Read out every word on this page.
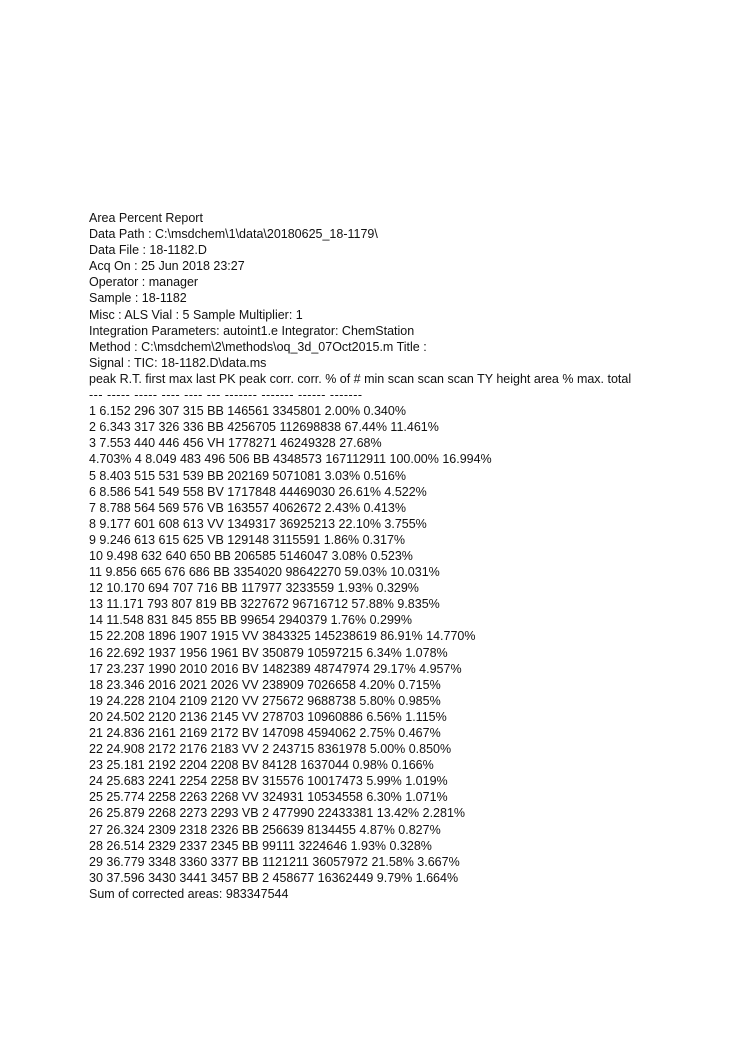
Area Percent Report
Data Path : C:\msdchem\1\data\20180625_18-1179\
Data File : 18-1182.D
Acq On : 25 Jun 2018 23:27
Operator : manager
Sample : 18-1182
Misc : ALS Vial : 5 Sample Multiplier: 1
Integration Parameters: autoint1.e Integrator: ChemStation
Method : C:\msdchem\2\methods\oq_3d_07Oct2015.m Title :
Signal : TIC: 18-1182.D\data.ms
peak R.T. first max last PK peak corr. corr. % of # min scan scan scan TY height area % max. total
--- ----- ----- ---- ---- --- ------- ------- ------ -------
1 6.152 296 307 315 BB 146561 3345801 2.00% 0.340%
2 6.343 317 326 336 BB 4256705 112698838 67.44% 11.461%
3 7.553 440 446 456 VH 1778271 46249328 27.68%
4.703% 4 8.049 483 496 506 BB 4348573 167112911 100.00% 16.994%
5 8.403 515 531 539 BB 202169 5071081 3.03% 0.516%
6 8.586 541 549 558 BV 1717848 44469030 26.61% 4.522%
7 8.788 564 569 576 VB 163557 4062672 2.43% 0.413%
8 9.177 601 608 613 VV 1349317 36925213 22.10% 3.755%
9 9.246 613 615 625 VB 129148 3115591 1.86% 0.317%
10 9.498 632 640 650 BB 206585 5146047 3.08% 0.523%
11 9.856 665 676 686 BB 3354020 98642270 59.03% 10.031%
12 10.170 694 707 716 BB 117977 3233559 1.93% 0.329%
13 11.171 793 807 819 BB 3227672 96716712 57.88% 9.835%
14 11.548 831 845 855 BB 99654 2940379 1.76% 0.299%
15 22.208 1896 1907 1915 VV 3843325 145238619 86.91% 14.770%
16 22.692 1937 1956 1961 BV 350879 10597215 6.34% 1.078%
17 23.237 1990 2010 2016 BV 1482389 48747974 29.17% 4.957%
18 23.346 2016 2021 2026 VV 238909 7026658 4.20% 0.715%
19 24.228 2104 2109 2120 VV 275672 9688738 5.80% 0.985%
20 24.502 2120 2136 2145 VV 278703 10960886 6.56% 1.115%
21 24.836 2161 2169 2172 BV 147098 4594062 2.75% 0.467%
22 24.908 2172 2176 2183 VV 2 243715 8361978 5.00% 0.850%
23 25.181 2192 2204 2208 BV 84128 1637044 0.98% 0.166%
24 25.683 2241 2254 2258 BV 315576 10017473 5.99% 1.019%
25 25.774 2258 2263 2268 VV 324931 10534558 6.30% 1.071%
26 25.879 2268 2273 2293 VB 2 477990 22433381 13.42% 2.281%
27 26.324 2309 2318 2326 BB 256639 8134455 4.87% 0.827%
28 26.514 2329 2337 2345 BB 99111 3224646 1.93% 0.328%
29 36.779 3348 3360 3377 BB 1121211 36057972 21.58% 3.667%
30 37.596 3430 3441 3457 BB 2 458677 16362449 9.79% 1.664%
Sum of corrected areas: 983347544
